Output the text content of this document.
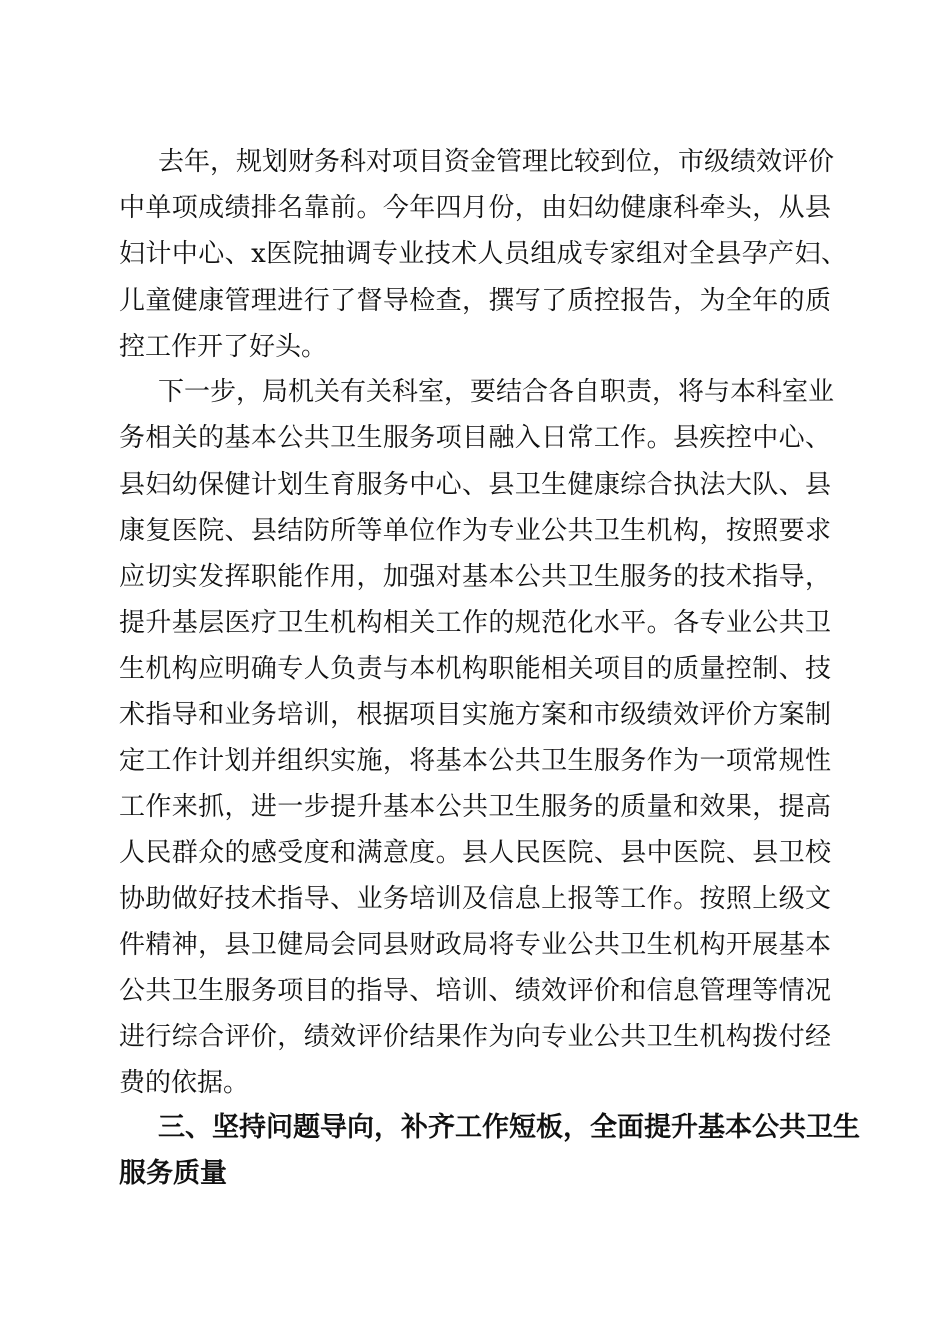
去年，规划财务科对项目资金管理比较到位，市级绩效评价
中单项成绩排名靠前。今年四月份，由妇幼健康科牵头，从县
妇计中心、x医院抽调专业技术人员组成专家组对全县孕产妇、
儿童健康管理进行了督导检查，撰写了质控报告，为全年的质
控工作开了好头。
下一步，局机关有关科室，要结合各自职责，将与本科室业
务相关的基本公共卫生服务项目融入日常工作。县疾控中心、
县妇幼保健计划生育服务中心、县卫生健康综合执法大队、县
康复医院、县结防所等单位作为专业公共卫生机构，按照要求
应切实发挥职能作用，加强对基本公共卫生服务的技术指导，
提升基层医疗卫生机构相关工作的规范化水平。各专业公共卫
生机构应明确专人负责与本机构职能相关项目的质量控制、技
术指导和业务培训，根据项目实施方案和市级绩效评价方案制
定工作计划并组织实施，将基本公共卫生服务作为一项常规性
工作来抓，进一步提升基本公共卫生服务的质量和效果，提高
人民群众的感受度和满意度。县人民医院、县中医院、县卫校
协助做好技术指导、业务培训及信息上报等工作。按照上级文
件精神，县卫健局会同县财政局将专业公共卫生机构开展基本
公共卫生服务项目的指导、培训、绩效评价和信息管理等情况
进行综合评价，绩效评价结果作为向专业公共卫生机构拨付经
费的依据。
三、坚持问题导向，补齐工作短板，全面提升基本公共卫生
服务质量
